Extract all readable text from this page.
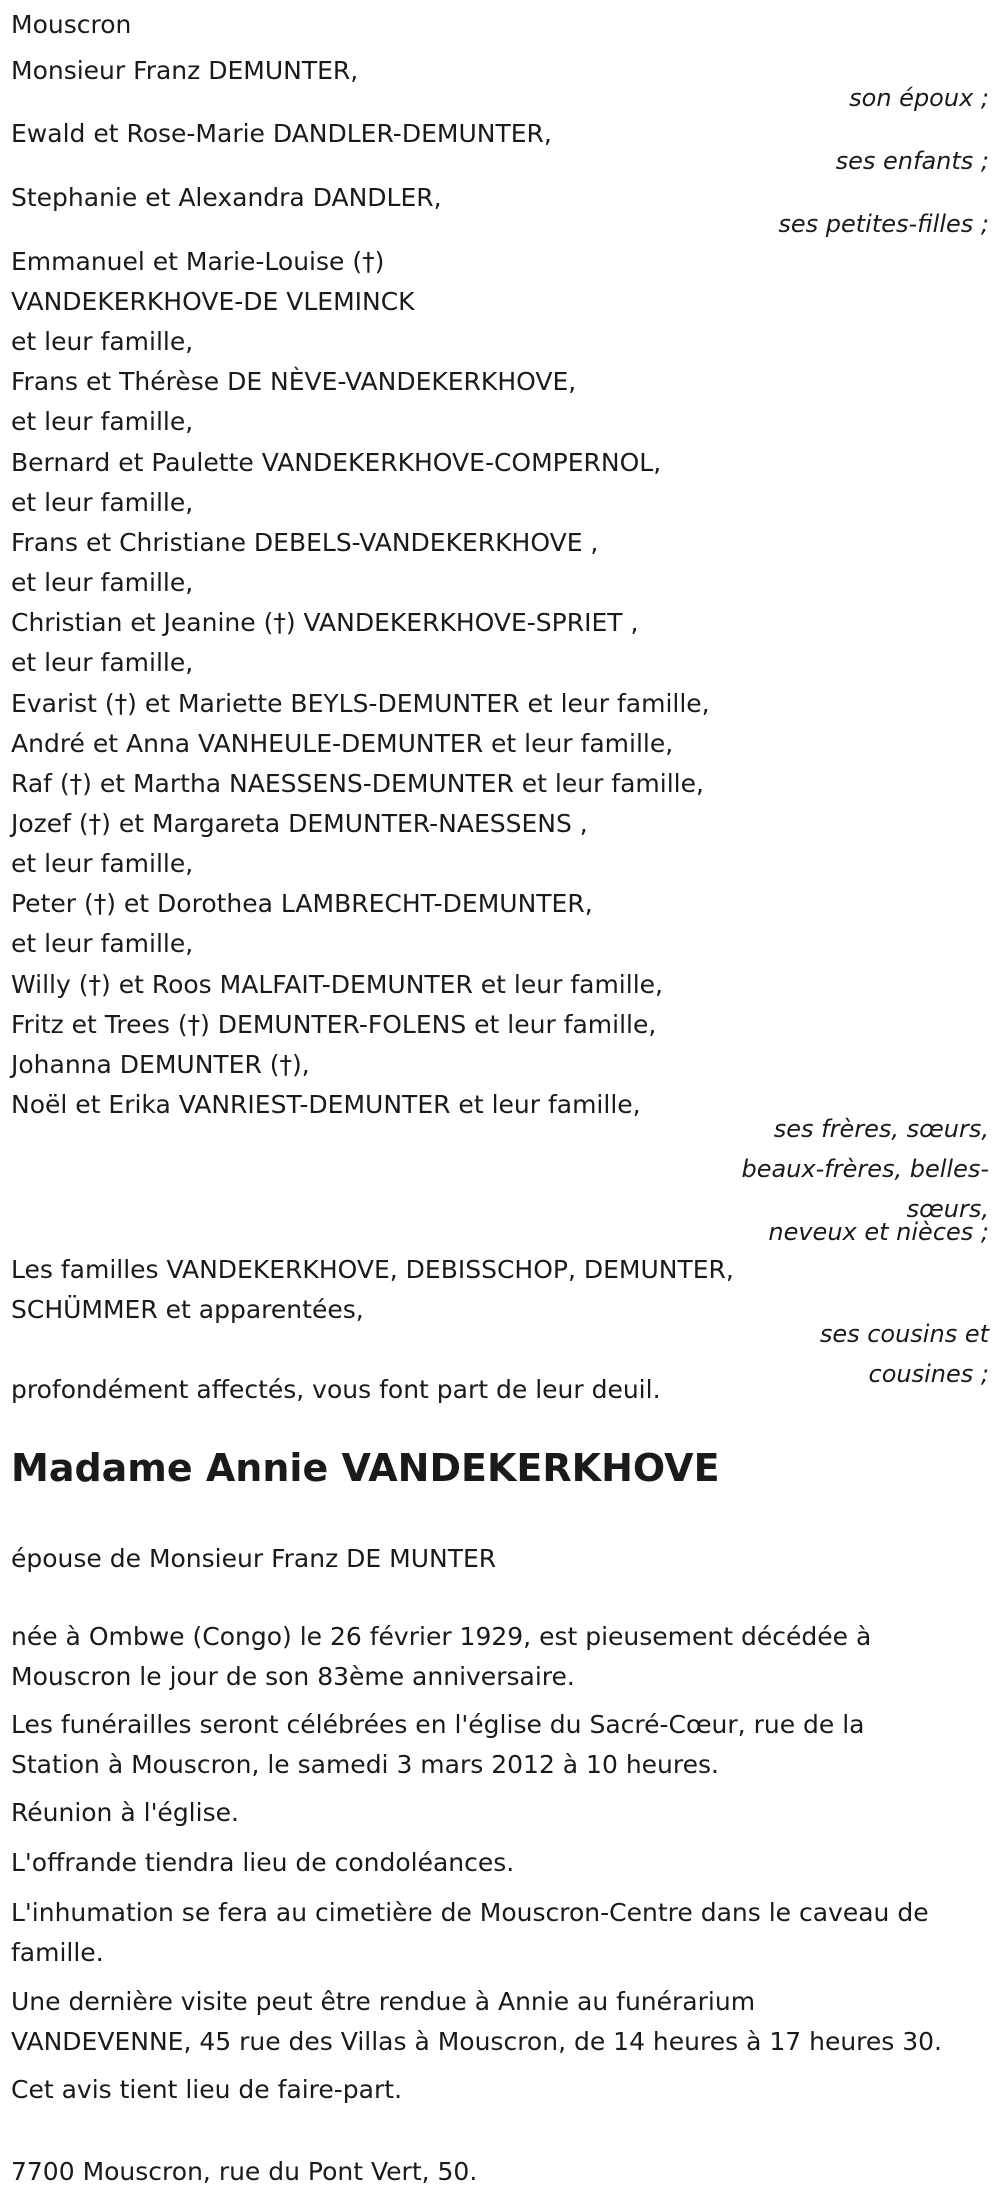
Mouscron
Monsieur Franz DEMUNTER,
son époux ;
Ewald et Rose-Marie DANDLER-DEMUNTER,
ses enfants ;
Stephanie et Alexandra DANDLER,
ses petites-filles ;
Emmanuel et Marie-Louise (†)
VANDEKERKHOVE-DE VLEMINCK
et leur famille,
Frans et Thérèse DE NÈVE-VANDEKERKHOVE,
et leur famille,
Bernard et Paulette VANDEKERKHOVE-COMPERNOL,
et leur famille,
Frans et Christiane DEBELS-VANDEKERKHOVE ,
et leur famille,
Christian et Jeanine (†) VANDEKERKHOVE-SPRIET ,
et leur famille,
Evarist (†) et Mariette BEYLS-DEMUNTER et leur famille,
André et Anna VANHEULE-DEMUNTER et leur famille,
Raf (†) et Martha NAESSENS-DEMUNTER et leur famille,
Jozef (†) et Margareta DEMUNTER-NAESSENS ,
et leur famille,
Peter (†) et Dorothea LAMBRECHT-DEMUNTER,
et leur famille,
Willy (†) et Roos MALFAIT-DEMUNTER et leur famille,
Fritz et Trees (†) DEMUNTER-FOLENS et leur famille,
Johanna DEMUNTER (†),
Noël et Erika VANRIEST-DEMUNTER et leur famille,
ses frères, sœurs,
beaux-frères, belles-
sœurs,
neveux et nièces ;
Les familles VANDEKERKHOVE, DEBISSCHOP, DEMUNTER,
SCHÜMMER et apparentées,
ses cousins et
cousines ;
profondément affectés, vous font part de leur deuil.
Madame Annie VANDEKERKHOVE
épouse de Monsieur Franz DE MUNTER
née à Ombwe (Congo) le 26 février 1929, est pieusement décédée à
Mouscron le jour de son 83ème anniversaire.
Les funérailles seront célébrées en l'église du Sacré-Cœur, rue de la
Station à Mouscron, le samedi 3 mars 2012 à 10 heures.
Réunion à l'église.
L'offrande tiendra lieu de condoléances.
L'inhumation se fera au cimetière de Mouscron-Centre dans le caveau de
famille.
Une dernière visite peut être rendue à Annie au funérarium
VANDEVENNE, 45 rue des Villas à Mouscron, de 14 heures à 17 heures 30.
Cet avis tient lieu de faire-part.
7700 Mouscron, rue du Pont Vert, 50.
